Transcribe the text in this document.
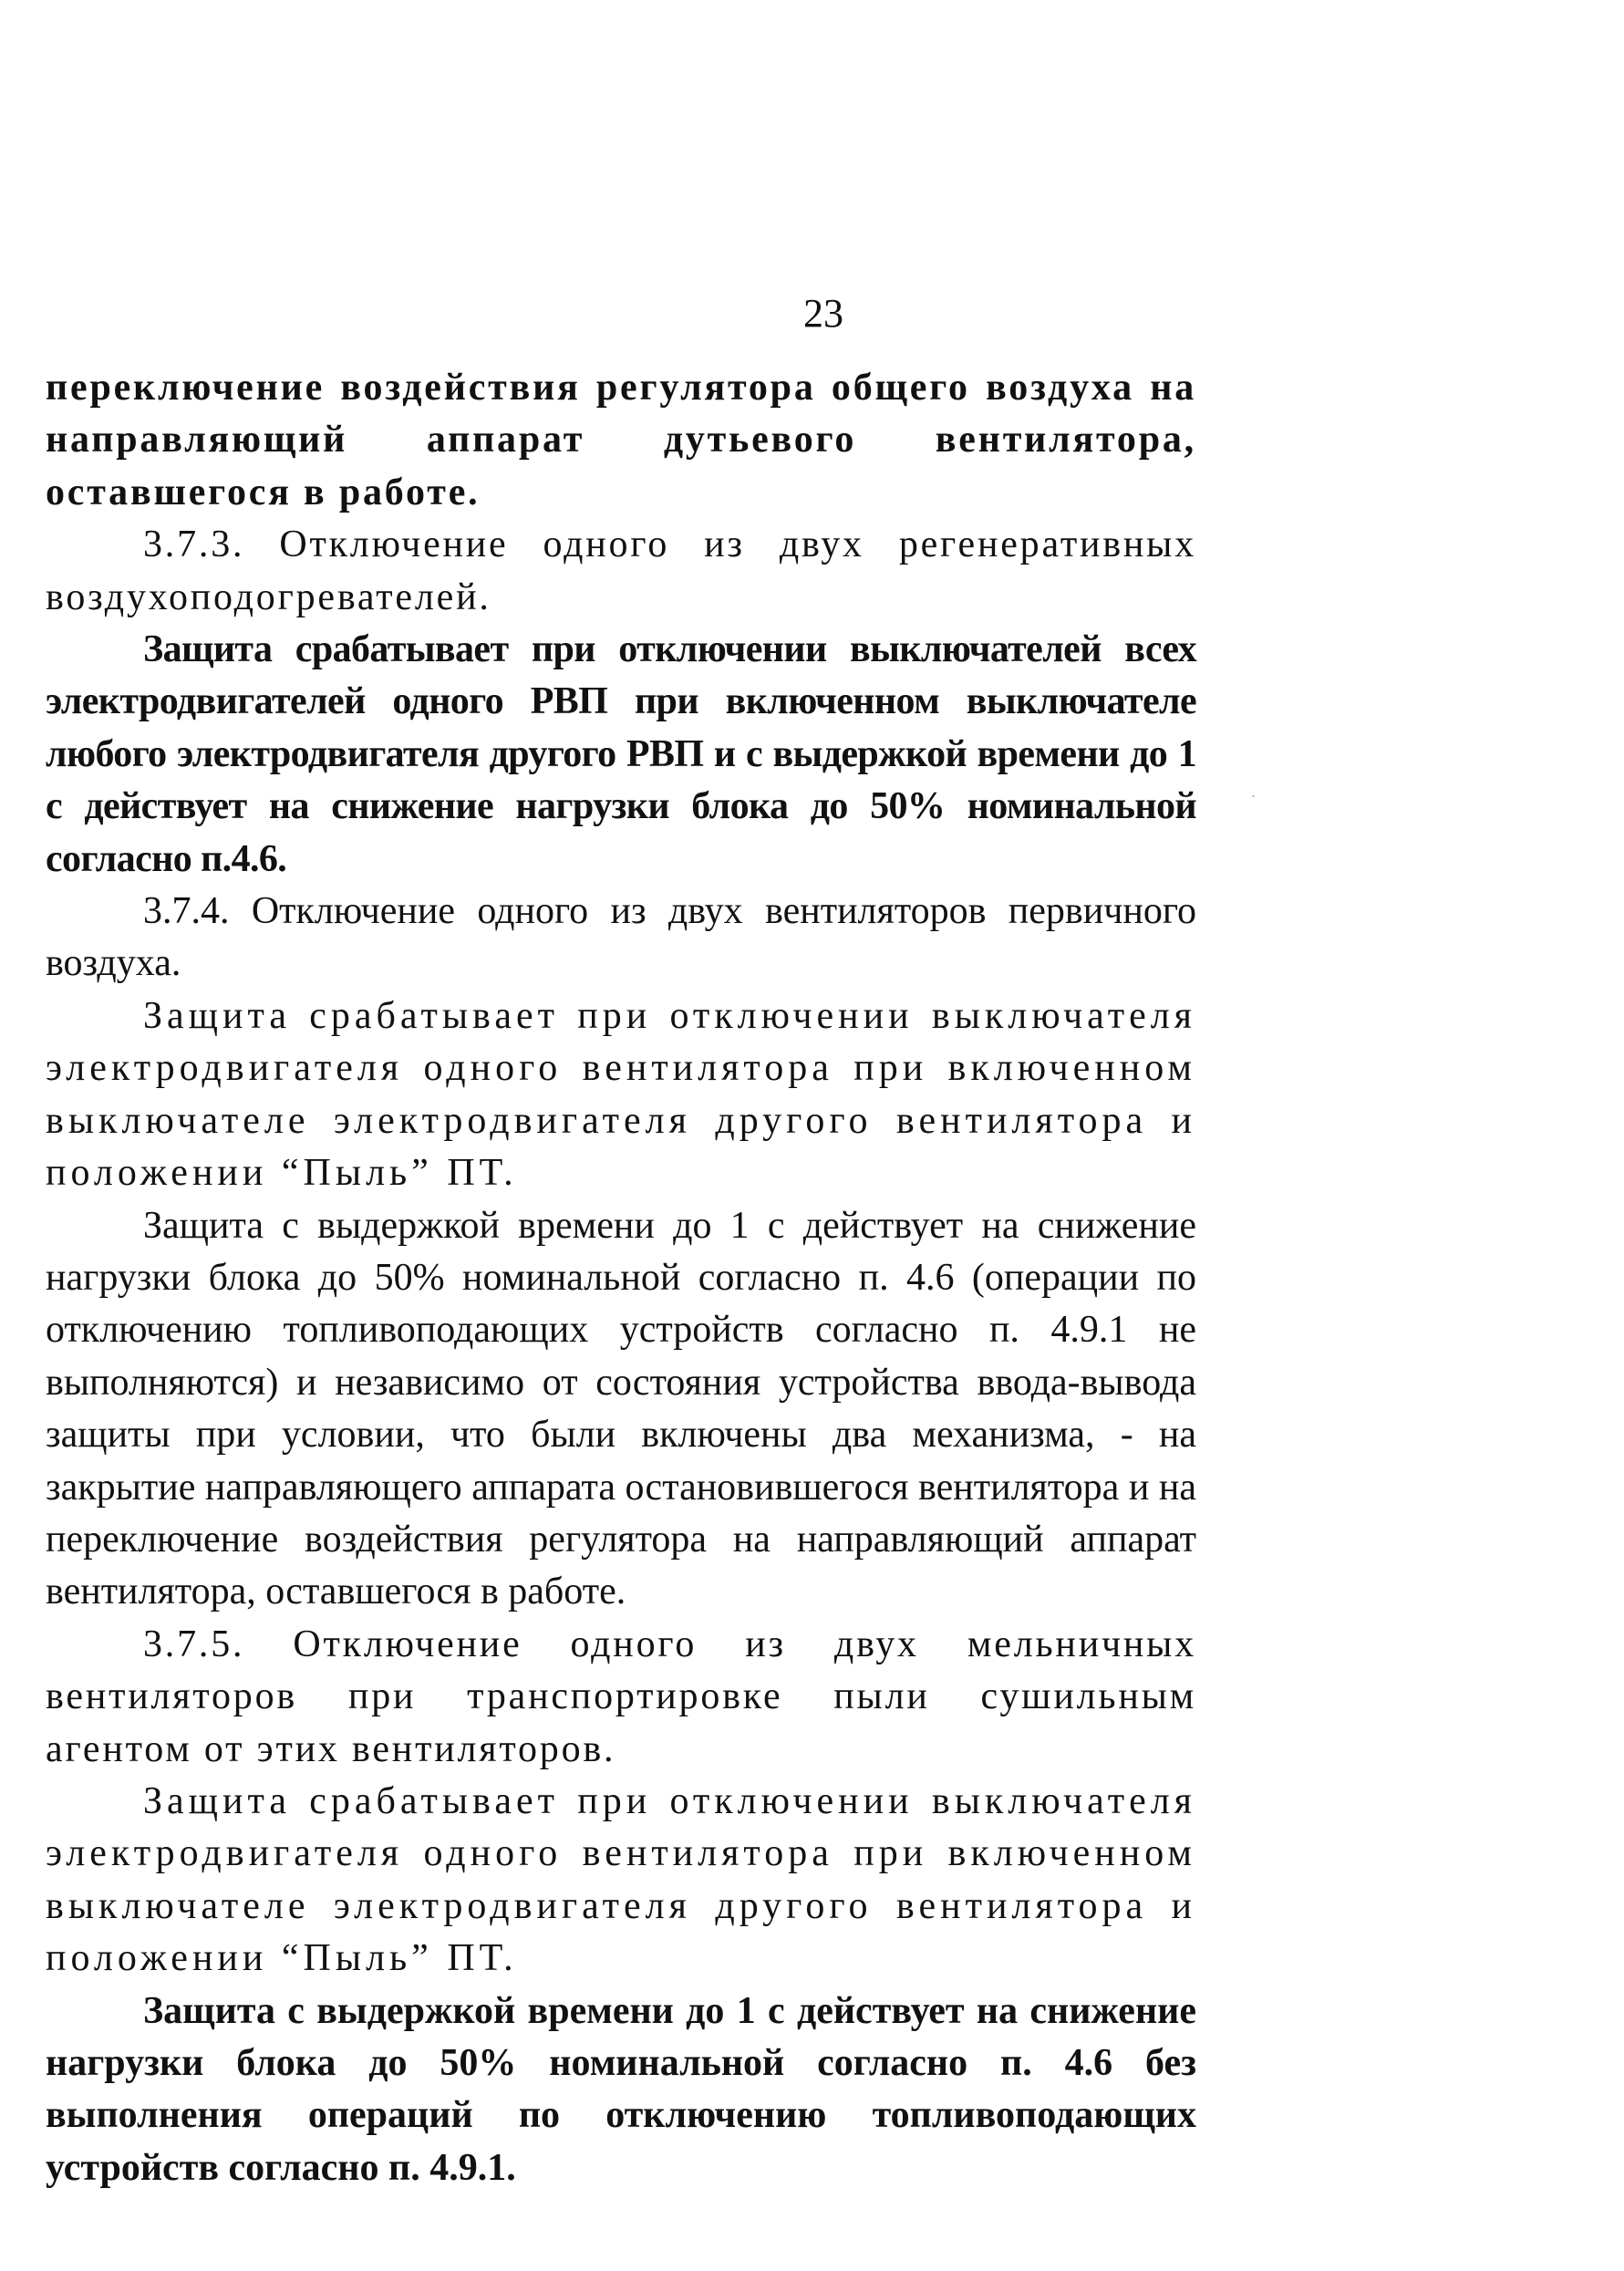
23

переключение воздействия регулятора общего воздуха на направляющий аппарат дутьевого вентилятора, оставшегося в работе.

3.7.3. Отключение одного из двух регенеративных воздухоподогревателей.

Защита срабатывает при отключении выключателей всех электродвигателей одного РВП при включенном выключателе любого электродвигателя другого РВП и с выдержкой времени до 1 с действует на снижение нагрузки блока до 50% номинальной согласно п.4.6.

3.7.4. Отключение одного из двух вентиляторов первичного воздуха.

Защита срабатывает при отключении выключателя электродвигателя одного вентилятора при включенном выключателе электродвигателя другого вентилятора и положении “Пыль” ПТ.

Защита с выдержкой времени до 1 с действует на снижение нагрузки блока до 50% номинальной согласно п. 4.6 (операции по отключению топливоподающих устройств согласно п. 4.9.1 не выполняются) и независимо от состояния устройства ввода-вывода защиты при условии, что были включены два механизма, - на закрытие направляющего аппарата остановившегося вентилятора и на переключение воздействия регулятора на направляющий аппарат вентилятора, оставшегося в работе.

3.7.5. Отключение одного из двух мельничных вентиляторов при транспортировке пыли сушильным агентом от этих вентиляторов.

Защита срабатывает при отключении выключателя электродвигателя одного вентилятора при включенном выключателе электродвигателя другого вентилятора и положении “Пыль” ПТ.

Защита с выдержкой времени до 1 с действует на снижение нагрузки блока до 50% номинальной согласно п. 4.6 без выполнения операций по отключению топливоподающих устройств согласно п. 4.9.1.
